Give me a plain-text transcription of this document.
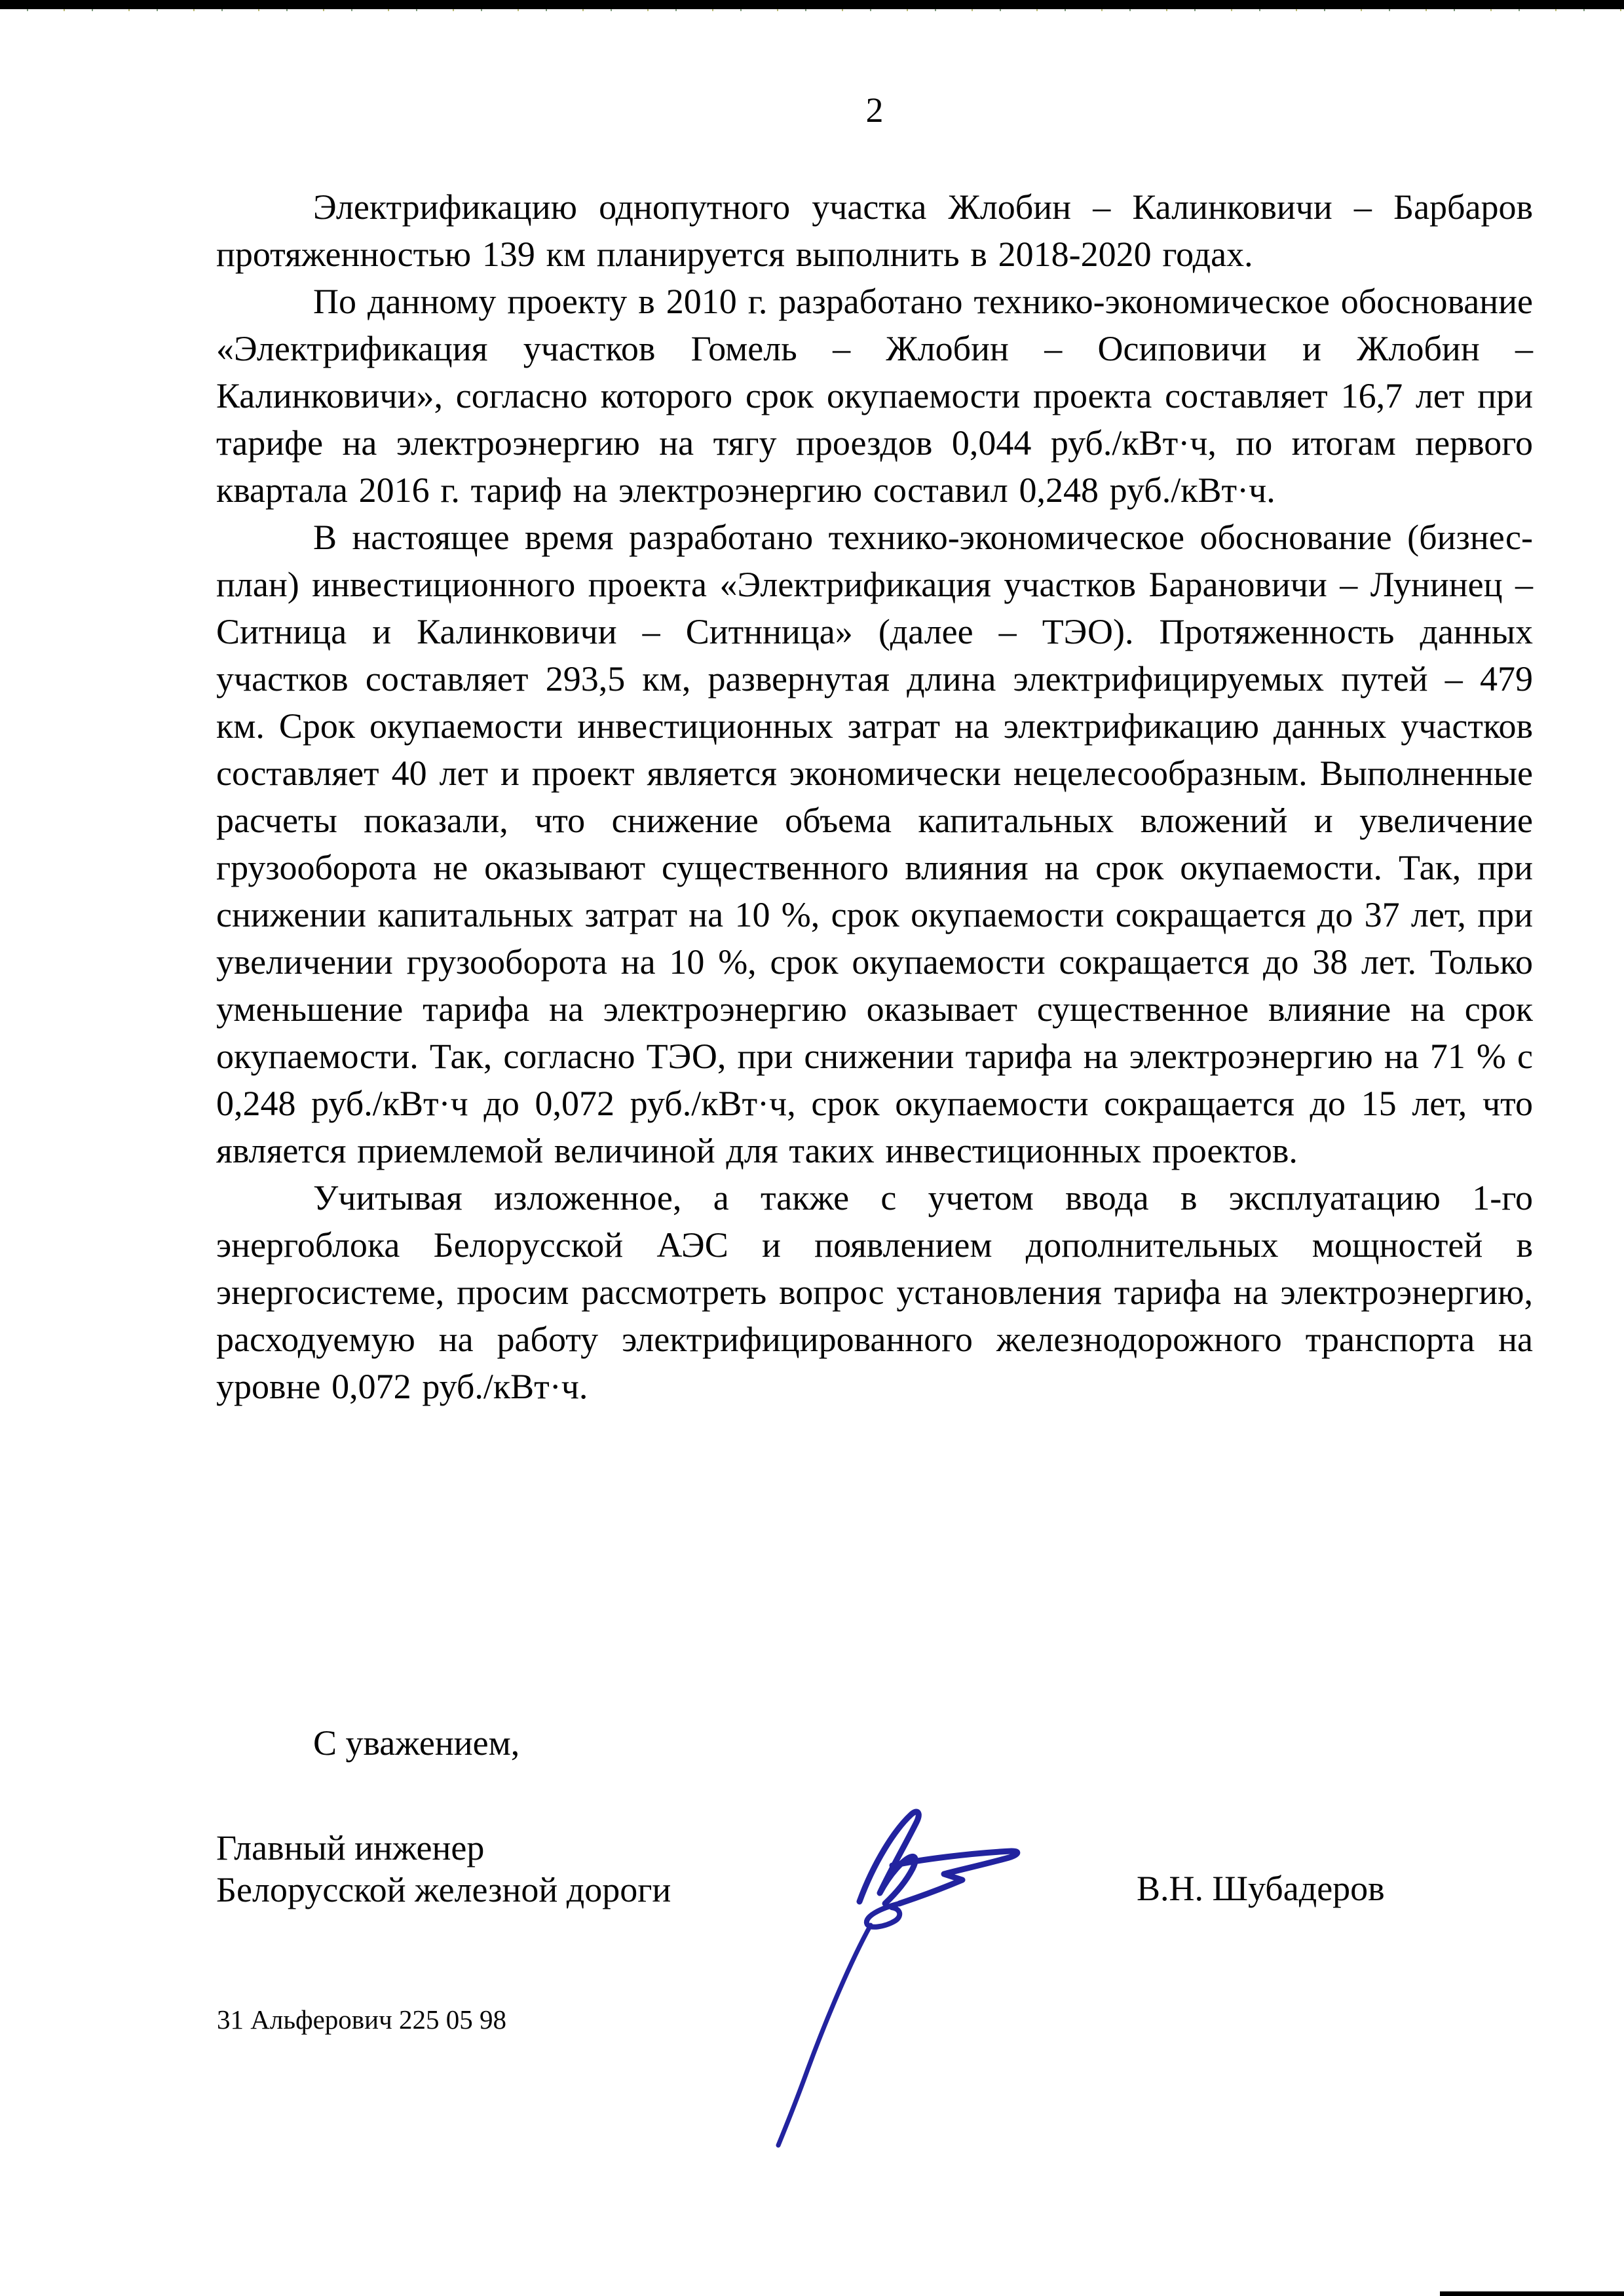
2

Электрификацию однопутного участка Жлобин – Калинковичи – Барбаров протяженностью 139 км планируется выполнить в 2018-2020 годах.

По данному проекту в 2010 г. разработано технико-экономическое обоснование «Электрификация участков Гомель – Жлобин – Осиповичи и Жлобин – Калинковичи», согласно которого срок окупаемости проекта составляет 16,7 лет при тарифе на электроэнергию на тягу проездов 0,044 руб./кВт·ч, по итогам первого квартала 2016 г. тариф на электроэнергию составил 0,248 руб./кВт·ч.

В настоящее время разработано технико-экономическое обоснование (бизнес-план) инвестиционного проекта «Электрификация участков Барановичи – Лунинец – Ситница и Калинковичи – Ситнница» (далее – ТЭО). Протяженность данных участков составляет 293,5 км, развернутая длина электрифицируемых путей – 479 км. Срок окупаемости инвестиционных затрат на электрификацию данных участков составляет 40 лет и проект является экономически нецелесообразным. Выполненные расчеты показали, что снижение объема капитальных вложений и увеличение грузооборота не оказывают существенного влияния на срок окупаемости. Так, при снижении капитальных затрат на 10 %, срок окупаемости сокращается до 37 лет, при увеличении грузооборота на 10 %, срок окупаемости сокращается до 38 лет. Только уменьшение тарифа на электроэнергию оказывает существенное влияние на срок окупаемости. Так, согласно ТЭО, при снижении тарифа на электроэнергию на 71 % с 0,248 руб./кВт·ч до 0,072 руб./кВт·ч, срок окупаемости сокращается до 15 лет, что является приемлемой величиной для таких инвестиционных проектов.

Учитывая изложенное, а также с учетом ввода в эксплуатацию 1-го энергоблока Белорусской АЭС и появлением дополнительных мощностей в энергосистеме, просим рассмотреть вопрос установления тарифа на электроэнергию, расходуемую на работу электрифицированного железнодорожного транспорта на уровне 0,072 руб./кВт·ч.

С уважением,
Главный инженер
Белорусской железной дороги	В.Н. Шубадеров
31 Альферович 225 05 98
